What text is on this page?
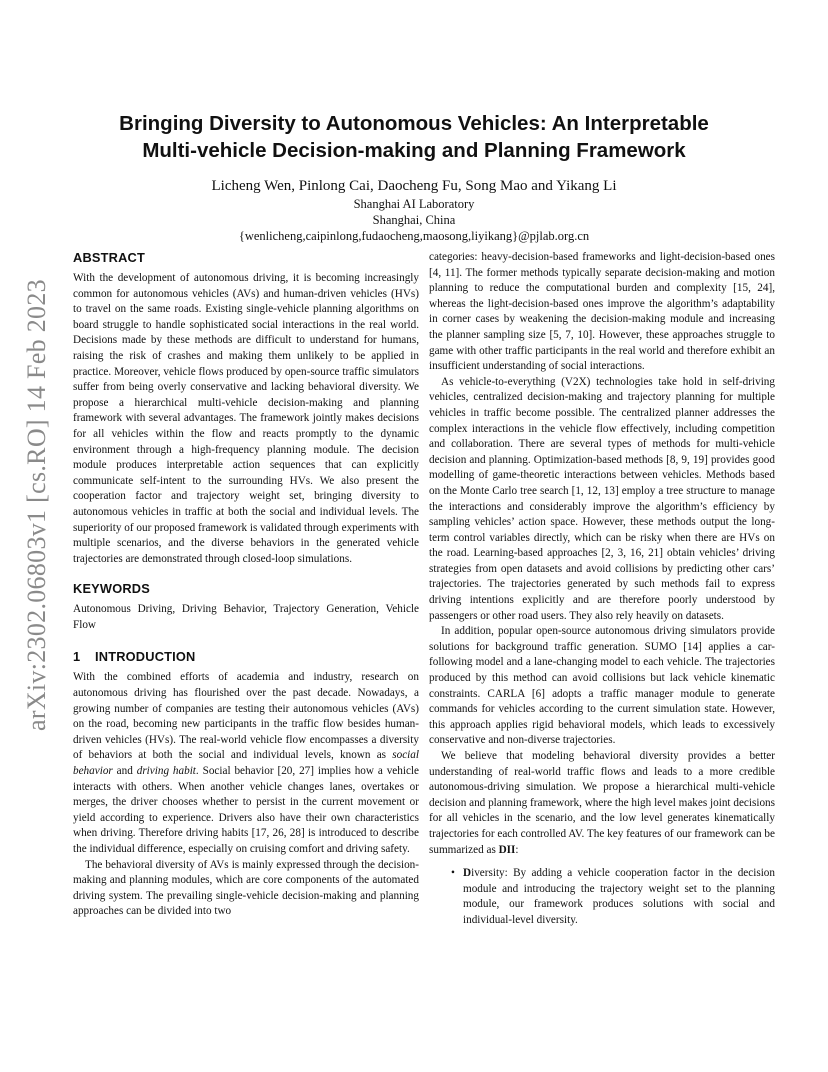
arXiv:2302.06803v1 [cs.RO] 14 Feb 2023
Bringing Diversity to Autonomous Vehicles: An Interpretable
Multi-vehicle Decision-making and Planning Framework
Licheng Wen, Pinlong Cai, Daocheng Fu, Song Mao and Yikang Li
Shanghai AI Laboratory
Shanghai, China
{wenlicheng,caipinlong,fudaocheng,maosong,liyikang}@pjlab.org.cn
ABSTRACT

With the development of autonomous driving, it is becoming increasingly common for autonomous vehicles (AVs) and human-driven vehicles (HVs) to travel on the same roads. Existing single-vehicle planning algorithms on board struggle to handle sophisticated social interactions in the real world. Decisions made by these methods are difficult to understand for humans, raising the risk of crashes and making them unlikely to be applied in practice. Moreover, vehicle flows produced by open-source traffic simulators suffer from being overly conservative and lacking behavioral diversity. We propose a hierarchical multi-vehicle decision-making and planning framework with several advantages. The framework jointly makes decisions for all vehicles within the flow and reacts promptly to the dynamic environment through a high-frequency planning module. The decision module produces interpretable action sequences that can explicitly communicate self-intent to the surrounding HVs. We also present the cooperation factor and trajectory weight set, bringing diversity to autonomous vehicles in traffic at both the social and individual levels. The superiority of our proposed framework is validated through experiments with multiple scenarios, and the diverse behaviors in the generated vehicle trajectories are demonstrated through closed-loop simulations.

KEYWORDS

Autonomous Driving, Driving Behavior, Trajectory Generation, Vehicle Flow

1 INTRODUCTION

With the combined efforts of academia and industry, research on autonomous driving has flourished over the past decade. Nowadays, a growing number of companies are testing their autonomous vehicles (AVs) on the road, becoming new participants in the traffic flow besides human-driven vehicles (HVs). The real-world vehicle flow encompasses a diversity of behaviors at both the social and individual levels, known as social behavior and driving habit. Social behavior [20, 27] implies how a vehicle interacts with others. When another vehicle changes lanes, overtakes or merges, the driver chooses whether to persist in the current movement or yield according to experience. Drivers also have their own characteristics when driving. Therefore driving habits [17, 26, 28] is introduced to describe the individual difference, especially on cruising comfort and driving safety.

The behavioral diversity of AVs is mainly expressed through the decision-making and planning modules, which are core components of the automated driving system. The prevailing single-vehicle decision-making and planning approaches can be divided into two

categories: heavy-decision-based frameworks and light-decision-based ones [4, 11]. The former methods typically separate decision-making and motion planning to reduce the computational burden and complexity [15, 24], whereas the light-decision-based ones improve the algorithm’s adaptability in corner cases by weakening the decision-making module and increasing the planner sampling size [5, 7, 10]. However, these approaches struggle to game with other traffic participants in the real world and therefore exhibit an insufficient understanding of social interactions.

As vehicle-to-everything (V2X) technologies take hold in self-driving vehicles, centralized decision-making and trajectory planning for multiple vehicles in traffic become possible. The centralized planner addresses the complex interactions in the vehicle flow effectively, including competition and collaboration. There are several types of methods for multi-vehicle decision and planning. Optimization-based methods [8, 9, 19] provides good modelling of game-theoretic interactions between vehicles. Methods based on the Monte Carlo tree search [1, 12, 13] employ a tree structure to manage the interactions and considerably improve the algorithm’s efficiency by sampling vehicles’ action space. However, these methods output the long-term control variables directly, which can be risky when there are HVs on the road. Learning-based approaches [2, 3, 16, 21] obtain vehicles’ driving strategies from open datasets and avoid collisions by predicting other cars’ trajectories. The trajectories generated by such methods fail to express driving intentions explicitly and are therefore poorly understood by passengers or other road users. They also rely heavily on datasets.

In addition, popular open-source autonomous driving simulators provide solutions for background traffic generation. SUMO [14] applies a car-following model and a lane-changing model to each vehicle. The trajectories produced by this method can avoid collisions but lack vehicle kinematic constraints. CARLA [6] adopts a traffic manager module to generate commands for vehicles according to the current simulation state. However, this approach applies rigid behavioral models, which leads to excessively conservative and non-diverse trajectories.

We believe that modeling behavioral diversity provides a better understanding of real-world traffic flows and leads to a more credible autonomous-driving simulation. We propose a hierarchical multi-vehicle decision and planning framework, where the high level makes joint decisions for all vehicles in the scenario, and the low level generates kinematically trajectories for each controlled AV. The key features of our framework can be summarized as DII:

• Diversity: By adding a vehicle cooperation factor in the decision module and introducing the trajectory weight set to the planning module, our framework produces solutions with social and individual-level diversity.
